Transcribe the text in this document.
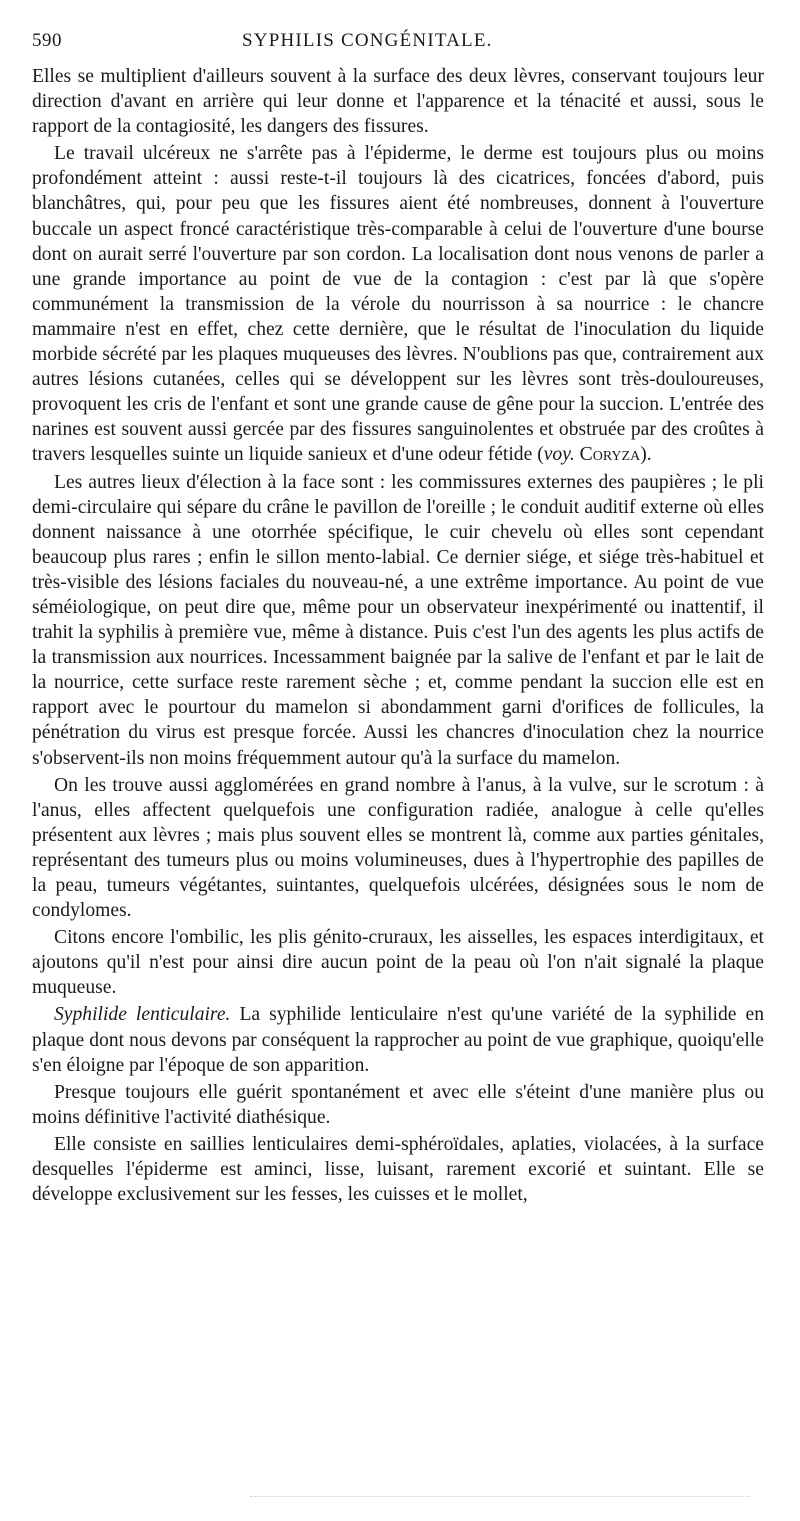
590	SYPHILIS CONGÉNITALE.

Elles se multiplient d'ailleurs souvent à la surface des deux lèvres, conservant toujours leur direction d'avant en arrière qui leur donne et l'apparence et la ténacité et aussi, sous le rapport de la contagiosité, les dangers des fissures.

Le travail ulcéreux ne s'arrête pas à l'épiderme, le derme est toujours plus ou moins profondément atteint : aussi reste-t-il toujours là des cicatrices, foncées d'abord, puis blanchâtres, qui, pour peu que les fissures aient été nombreuses, donnent à l'ouverture buccale un aspect froncé caractéristique très-comparable à celui de l'ouverture d'une bourse dont on aurait serré l'ouverture par son cordon. La localisation dont nous venons de parler a une grande importance au point de vue de la contagion : c'est par là que s'opère communément la transmission de la vérole du nourrisson à sa nourrice : le chancre mammaire n'est en effet, chez cette dernière, que le résultat de l'inoculation du liquide morbide sécrété par les plaques muqueuses des lèvres. N'oublions pas que, contrairement aux autres lésions cutanées, celles qui se développent sur les lèvres sont très-douloureuses, provoquent les cris de l'enfant et sont une grande cause de gêne pour la succion. L'entrée des narines est souvent aussi gercée par des fissures sanguinolentes et obstruée par des croûtes à travers lesquelles suinte un liquide sanieux et d'une odeur fétide (voy. Coryza).

Les autres lieux d'élection à la face sont : les commissures externes des paupières ; le pli demi-circulaire qui sépare du crâne le pavillon de l'oreille ; le conduit auditif externe où elles donnent naissance à une otorrhée spécifique, le cuir chevelu où elles sont cependant beaucoup plus rares ; enfin le sillon mento-labial. Ce dernier siége, et siége très-habituel et très-visible des lésions faciales du nouveau-né, a une extrême importance. Au point de vue séméiologique, on peut dire que, même pour un observateur inexpérimenté ou inattentif, il trahit la syphilis à première vue, même à distance. Puis c'est l'un des agents les plus actifs de la transmission aux nourrices. Incessamment baignée par la salive de l'enfant et par le lait de la nourrice, cette surface reste rarement sèche ; et, comme pendant la succion elle est en rapport avec le pourtour du mamelon si abondamment garni d'orifices de follicules, la pénétration du virus est presque forcée. Aussi les chancres d'inoculation chez la nourrice s'observent-ils non moins fréquemment autour qu'à la surface du mamelon.

On les trouve aussi agglomérées en grand nombre à l'anus, à la vulve, sur le scrotum : à l'anus, elles affectent quelquefois une configuration radiée, analogue à celle qu'elles présentent aux lèvres ; mais plus souvent elles se montrent là, comme aux parties génitales, représentant des tumeurs plus ou moins volumineuses, dues à l'hypertrophie des papilles de la peau, tumeurs végétantes, suintantes, quelquefois ulcérées, désignées sous le nom de condylomes.

Citons encore l'ombilic, les plis génito-cruraux, les aisselles, les espaces interdigitaux, et ajoutons qu'il n'est pour ainsi dire aucun point de la peau où l'on n'ait signalé la plaque muqueuse.

Syphilide lenticulaire. La syphilide lenticulaire n'est qu'une variété de la syphilide en plaque dont nous devons par conséquent la rapprocher au point de vue graphique, quoiqu'elle s'en éloigne par l'époque de son apparition.

Presque toujours elle guérit spontanément et avec elle s'éteint d'une manière plus ou moins définitive l'activité diathésique.

Elle consiste en saillies lenticulaires demi-sphéroïdales, aplaties, violacées, à la surface desquelles l'épiderme est aminci, lisse, luisant, rarement excorié et suintant. Elle se développe exclusivement sur les fesses, les cuisses et le mollet,
